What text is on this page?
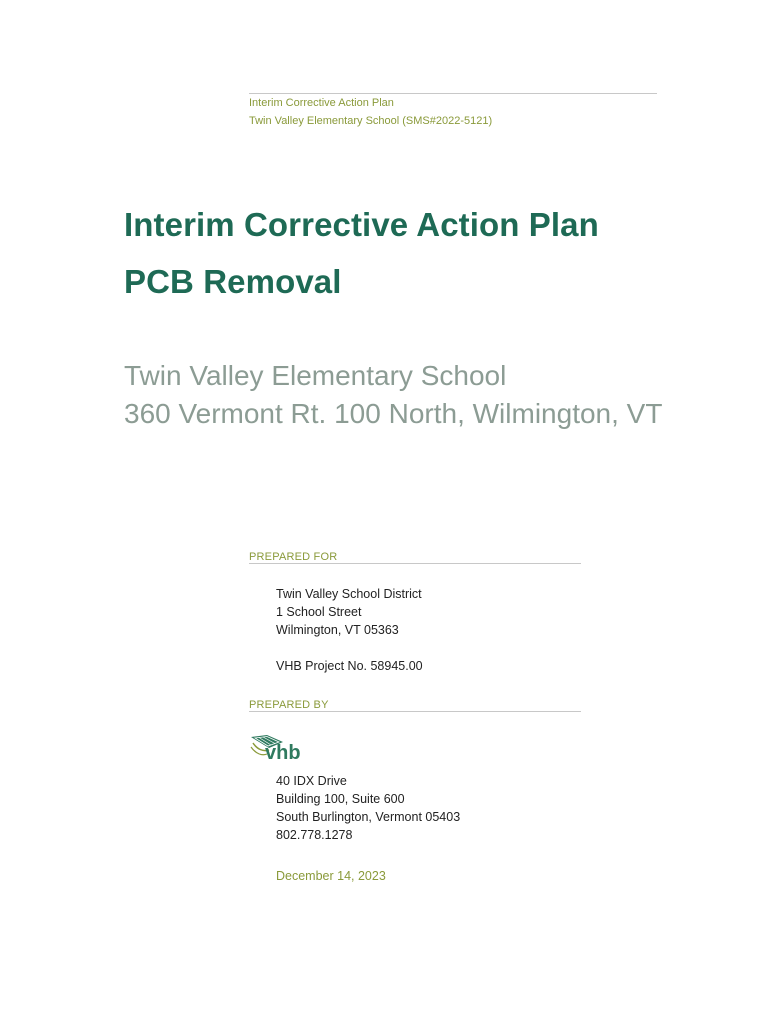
Interim Corrective Action Plan
Twin Valley Elementary School (SMS#2022-5121)
Interim Corrective Action Plan
PCB Removal
Twin Valley Elementary School
360 Vermont Rt. 100 North, Wilmington, VT
PREPARED FOR
Twin Valley School District
1 School Street
Wilmington, VT 05363
VHB Project No. 58945.00
PREPARED BY
vhb
40 IDX Drive
Building 100, Suite 600
South Burlington, Vermont 05403
802.778.1278
December 14, 2023
